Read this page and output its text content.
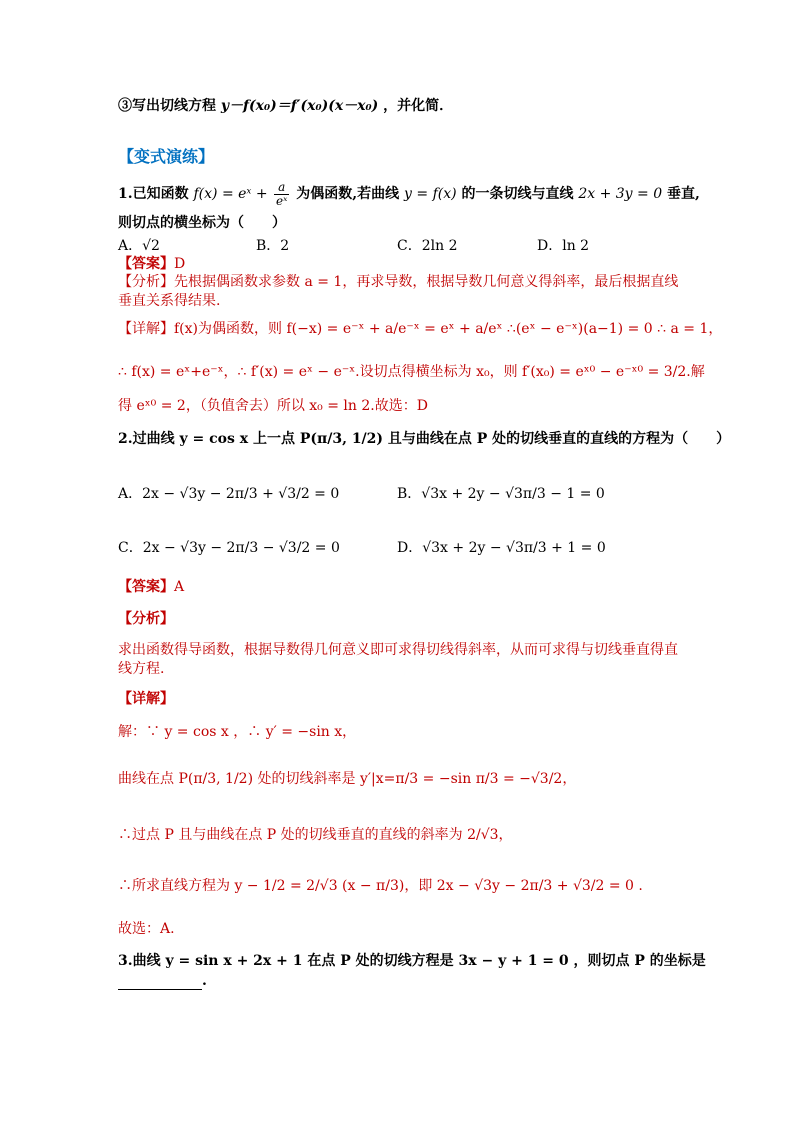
③写出切线方程 y－f(x₀)＝f′(x₀)(x－x₀) ，并化简．
【变式演练】
1.已知函数 f(x) = eˣ + $\frac{a}{\text{eˣ}}$ 为偶函数,若曲线 y = f(x) 的一条切线与直线 2x + 3y = 0 垂直,
则切点的横坐标为（　　）
A．√2	B．2	C．2ln 2	D．ln 2
【答案】D
【分析】先根据偶函数求参数 a = 1，再求导数，根据导数几何意义得斜率，最后根据直线
垂直关系得结果.
【详解】f(x)为偶函数，则 f(−x) = e⁻ˣ + a/e⁻ˣ = eˣ + a/eˣ ∴(eˣ − e⁻ˣ)(a−1) = 0 ∴ a = 1，
∴ f(x) = eˣ+e⁻ˣ，∴ f′(x) = eˣ − e⁻ˣ.设切点得横坐标为 x₀，则 f′(x₀) = eˣ⁰ − e⁻ˣ⁰ = 3/2.解
得 eˣ⁰ = 2，（负值舍去）所以 x₀ = ln 2.故选：D
2.过曲线 y = cos x 上一点 P(π/3, 1/2) 且与曲线在点 P 处的切线垂直的直线的方程为（　　）
A．2x − √3y − 2π/3 + √3/2 = 0	B．√3x + 2y − √3π/3 − 1 = 0
C．2x − √3y − 2π/3 − √3/2 = 0	D．√3x + 2y − √3π/3 + 1 = 0
【答案】A
【分析】
求出函数得导函数，根据导数得几何意义即可求得切线得斜率，从而可求得与切线垂直得直
线方程.
【详解】
解：∵ y = cos x ，∴ y′ = −sin x，
曲线在点 P(π/3, 1/2) 处的切线斜率是 y′|x=π/3 = −sin π/3 = −√3/2，
∴过点 P 且与曲线在点 P 处的切线垂直的直线的斜率为 2/√3，
∴所求直线方程为 y − 1/2 = 2/√3 (x − π/3)，即 2x − √3y − 2π/3 + √3/2 = 0 .
故选：A.
3.曲线 y = sin x + 2x + 1 在点 P 处的切线方程是 3x − y + 1 = 0 ，则切点 P 的坐标是
.
